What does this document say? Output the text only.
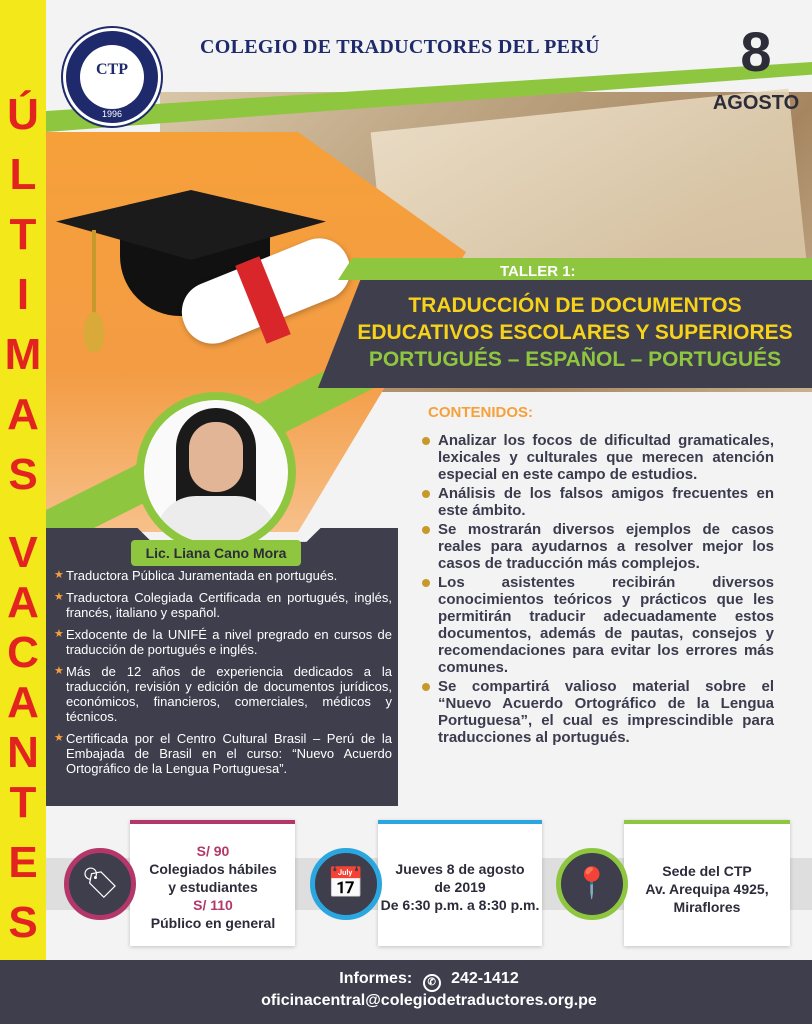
Ú
L
T
I
M
A
S
V
A
C
A
N
T
E
S
CTP
1996
COLEGIO DE TRADUCTORES DEL PERÚ	8
AGOSTO
TALLER 1:
TRADUCCIÓN DE DOCUMENTOS
EDUCATIVOS ESCOLARES Y SUPERIORES
PORTUGUÉS – ESPAÑOL – PORTUGUÉS
Lic. Liana Cano Mora
★ Traductora Pública Juramentada en portugués.
★ Traductora Colegiada Certificada en portugués, inglés, francés, italiano y español.
★ Exdocente de la UNIFÉ a nivel pregrado en cursos de traducción de portugués e inglés.
★ Más de 12 años de experiencia dedicados a la traducción, revisión y edición de documentos jurídicos, económicos, financieros, comerciales, médicos y técnicos.
★ Certificada por el Centro Cultural Brasil – Perú de la Embajada de Brasil en el curso: “Nuevo Acuerdo Ortográfico de la Lengua Portuguesa”.
CONTENIDOS:
Analizar los focos de dificultad gramaticales, lexicales y culturales que merecen atención especial en este campo de estudios.
Análisis de los falsos amigos frecuentes en este ámbito.
Se mostrarán diversos ejemplos de casos reales para ayudarnos a resolver mejor los casos de traducción más complejos.
Los asistentes recibirán diversos conocimientos teóricos y prácticos que les permitirán traducir adecuadamente estos documentos, además de pautas, consejos y recomendaciones para evitar los errores más comunes.
Se compartirá valioso material sobre el “Nuevo Acuerdo Ortográfico de la Lengua Portuguesa”, el cual es imprescindible para traducciones al portugués.
🏷
S/ 90
Colegiados hábiles
y estudiantes
S/ 110
Público en general
📅	Jueves 8 de agosto
de 2019
De 6:30 p.m. a 8:30 p.m.
📍	Sede del CTP
Av. Arequipa 4925,
Miraflores
Informes: ✆ 242-1412
oficinacentral@colegiodetraductores.org.pe
